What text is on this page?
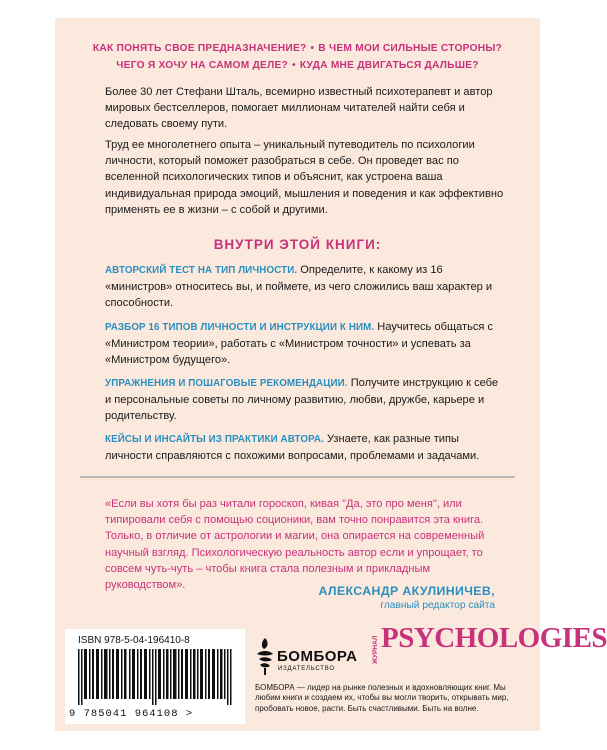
КАК ПОНЯТЬ СВОЕ ПРЕДНАЗНАЧЕНИЕ? • В ЧЕМ МОИ СИЛЬНЫЕ СТОРОНЫ?
ЧЕГО Я ХОЧУ НА САМОМ ДЕЛЕ? • КУДА МНЕ ДВИГАТЬСЯ ДАЛЬШЕ?

Более 30 лет Стефани Шталь, всемирно известный психотерапевт и автор мировых бестселлеров, помогает миллионам читателей найти себя и следовать своему пути.

Труд ее многолетнего опыта – уникальный путеводитель по психологии личности, который поможет разобраться в себе. Он проведет вас по вселенной психологических типов и объяснит, как устроена ваша индивидуальная природа эмоций, мышления и поведения и как эффективно применять ее в жизни – с собой и другими.

ВНУТРИ ЭТОЙ КНИГИ:

АВТОРСКИЙ ТЕСТ НА ТИП ЛИЧНОСТИ. Определите, к какому из 16 «министров» относитесь вы, и поймете, из чего сложились ваш характер и способности.

РАЗБОР 16 ТИПОВ ЛИЧНОСТИ И ИНСТРУКЦИИ К НИМ. Научитесь общаться с «Министром теории», работать с «Министром точности» и успевать за «Министром будущего».

УПРАЖНЕНИЯ И ПОШАГОВЫЕ РЕКОМЕНДАЦИИ. Получите инструкцию к себе и персональные советы по личному развитию, любви, дружбе, карьере и родительству.

КЕЙСЫ И ИНСАЙТЫ ИЗ ПРАКТИКИ АВТОРА. Узнаете, как разные типы личности справляются с похожими вопросами, проблемами и задачами.

«Если вы хотя бы раз читали гороскоп, кивая "Да, это про меня", или типировали себя с помощью соционики, вам точно понравится эта книга. Только, в отличие от астрологии и магии, она опирается на современный научный взгляд. Психологическую реальность автор если и упрощает, то совсем чуть-чуть – чтобы книга стала полезным и прикладным руководством».	АЛЕКСАНДР АКУЛИНИЧЕВ,
главный редактор сайта
ISBN 978-5-04-196410-8
9 785041 964108 >
БОМБОРА
ИЗДАТЕЛЬСТВО
ЖУРНАЛ PSYCHOLOGIES

БОМБОРА — лидер на рынке полезных и вдохновляющих книг. Мы любим книги и создаем их, чтобы вы могли творить, открывать мир, пробовать новое, расти. Быть счастливыми. Быть на волне.
